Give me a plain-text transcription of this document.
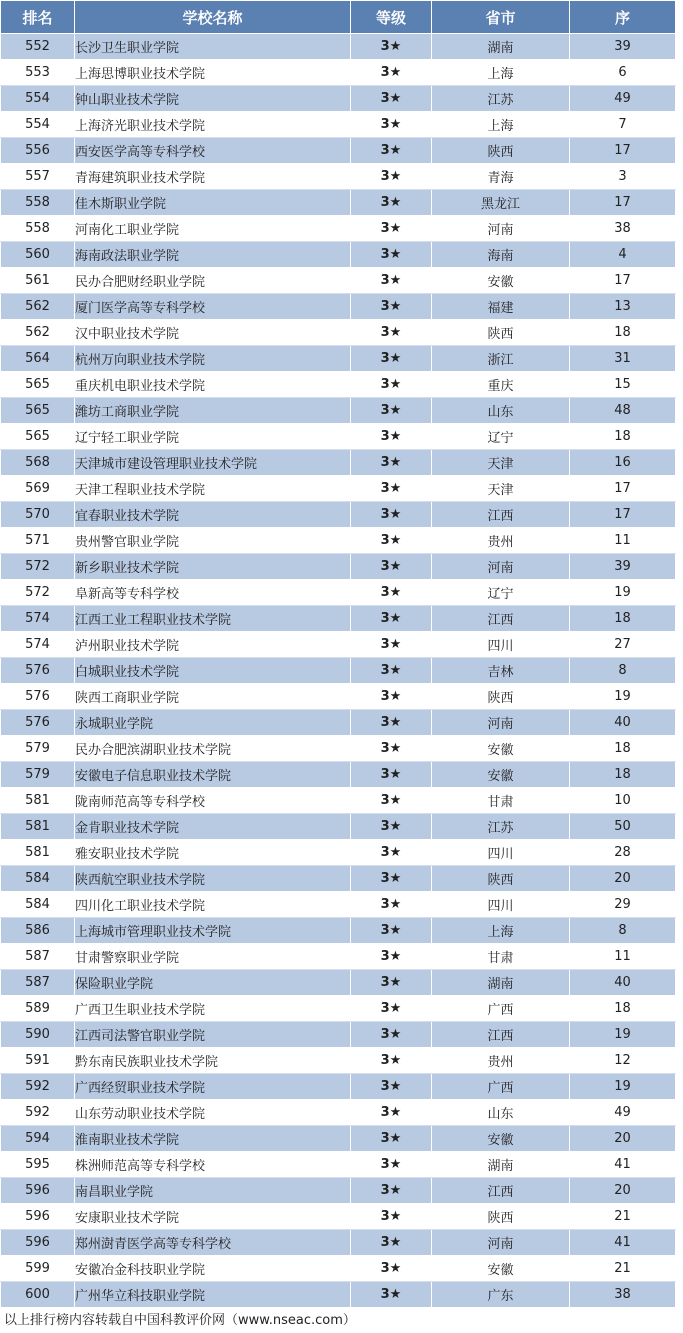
排名	学校名称	等级	省市	序
552	长沙卫生职业学院	3★	湖南	39
553	上海思博职业技术学院	3★	上海	6
554	钟山职业技术学院	3★	江苏	49
554	上海济光职业技术学院	3★	上海	7
556	西安医学高等专科学校	3★	陕西	17
557	青海建筑职业技术学院	3★	青海	3
558	佳木斯职业学院	3★	黑龙江	17
558	河南化工职业学院	3★	河南	38
560	海南政法职业学院	3★	海南	4
561	民办合肥财经职业学院	3★	安徽	17
562	厦门医学高等专科学校	3★	福建	13
562	汉中职业技术学院	3★	陕西	18
564	杭州万向职业技术学院	3★	浙江	31
565	重庆机电职业技术学院	3★	重庆	15
565	潍坊工商职业学院	3★	山东	48
565	辽宁轻工职业学院	3★	辽宁	18
568	天津城市建设管理职业技术学院	3★	天津	16
569	天津工程职业技术学院	3★	天津	17
570	宜春职业技术学院	3★	江西	17
571	贵州警官职业学院	3★	贵州	11
572	新乡职业技术学院	3★	河南	39
572	阜新高等专科学校	3★	辽宁	19
574	江西工业工程职业技术学院	3★	江西	18
574	泸州职业技术学院	3★	四川	27
576	白城职业技术学院	3★	吉林	8
576	陕西工商职业学院	3★	陕西	19
576	永城职业学院	3★	河南	40
579	民办合肥滨湖职业技术学院	3★	安徽	18
579	安徽电子信息职业技术学院	3★	安徽	18
581	陇南师范高等专科学校	3★	甘肃	10
581	金肯职业技术学院	3★	江苏	50
581	雅安职业技术学院	3★	四川	28
584	陕西航空职业技术学院	3★	陕西	20
584	四川化工职业技术学院	3★	四川	29
586	上海城市管理职业技术学院	3★	上海	8
587	甘肃警察职业学院	3★	甘肃	11
587	保险职业学院	3★	湖南	40
589	广西卫生职业技术学院	3★	广西	18
590	江西司法警官职业学院	3★	江西	19
591	黔东南民族职业技术学院	3★	贵州	12
592	广西经贸职业技术学院	3★	广西	19
592	山东劳动职业技术学院	3★	山东	49
594	淮南职业技术学院	3★	安徽	20
595	株洲师范高等专科学校	3★	湖南	41
596	南昌职业学院	3★	江西	20
596	安康职业技术学院	3★	陕西	21
596	郑州澍青医学高等专科学校	3★	河南	41
599	安徽冶金科技职业学院	3★	安徽	21
600	广州华立科技职业学院	3★	广东	38
以上排行榜内容转载自中国科教评价网（www.nseac.com）
